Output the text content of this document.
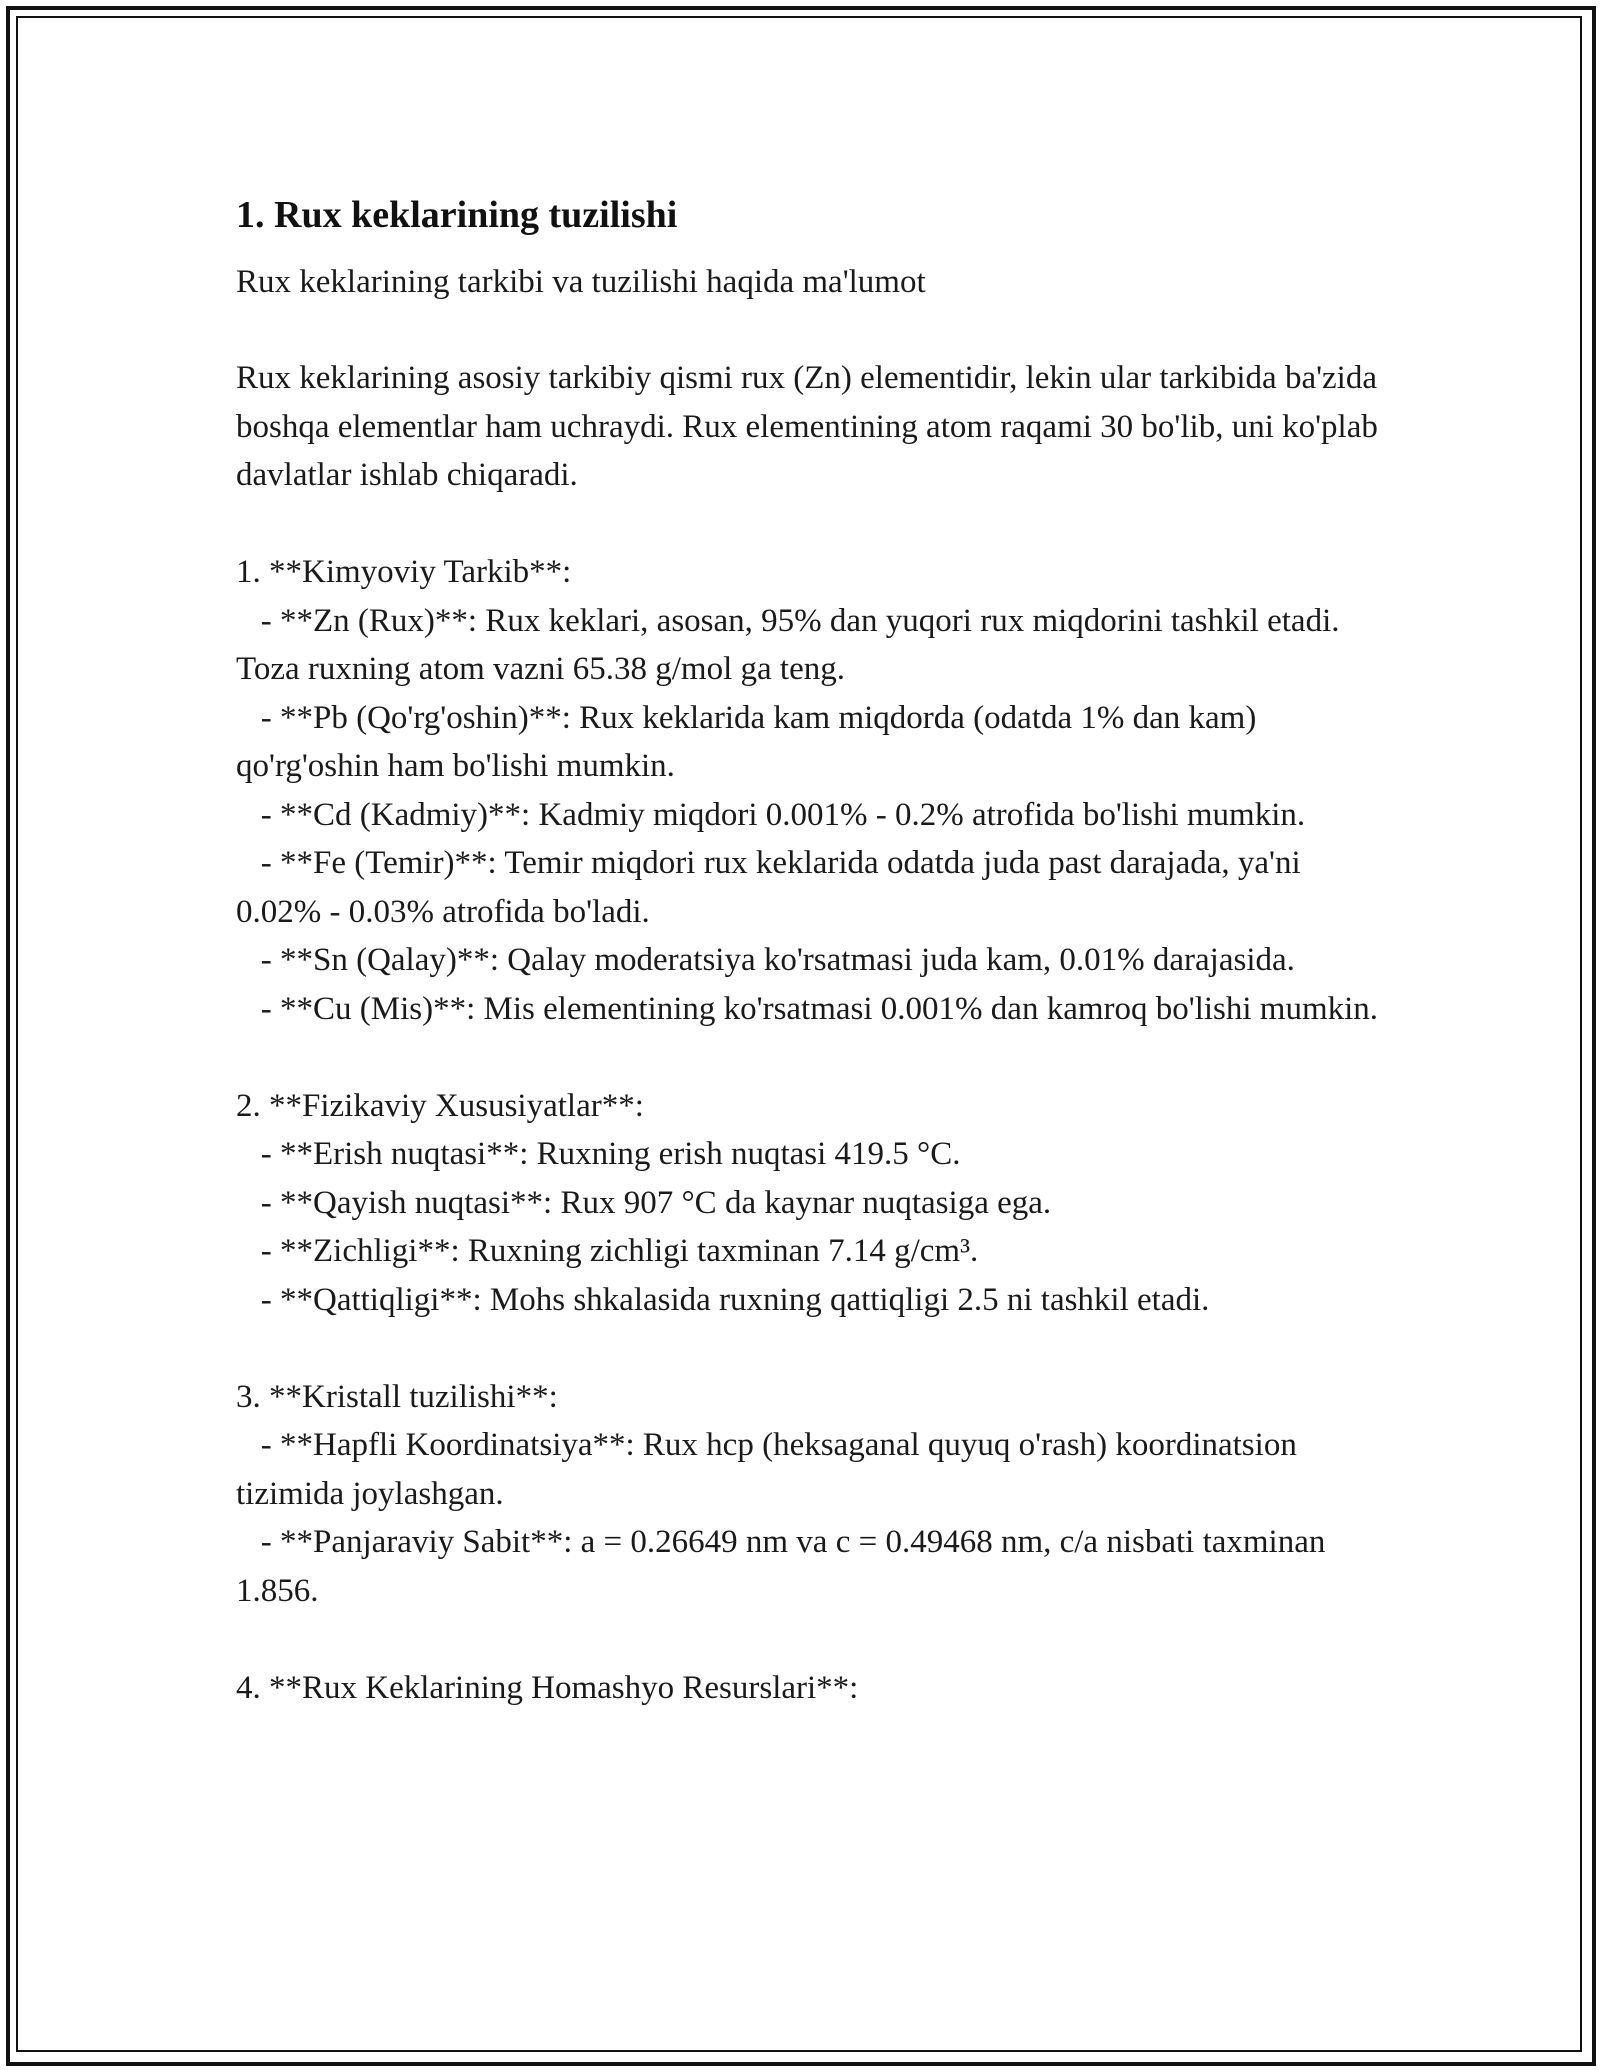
1. Rux keklarining tuzilishi
Rux keklarining tarkibi va tuzilishi haqida ma'lumot
Rux keklarining asosiy tarkibiy qismi rux (Zn) elementidir, lekin ular tarkibida ba'zida boshqa elementlar ham uchraydi. Rux elementining atom raqami 30 bo'lib, uni ko'plab davlatlar ishlab chiqaradi.
1. **Kimyoviy Tarkib**:
- **Zn (Rux)**: Rux keklari, asosan, 95% dan yuqori rux miqdorini tashkil etadi. Toza ruxning atom vazni 65.38 g/mol ga teng.
- **Pb (Qo'rg'oshin)**: Rux keklarida kam miqdorda (odatda 1% dan kam) qo'rg'oshin ham bo'lishi mumkin.
- **Cd (Kadmiy)**: Kadmiy miqdori 0.001% - 0.2% atrofida bo'lishi mumkin.
- **Fe (Temir)**: Temir miqdori rux keklarida odatda juda past darajada, ya'ni 0.02% - 0.03% atrofida bo'ladi.
- **Sn (Qalay)**: Qalay moderatsiya ko'rsatmasi juda kam, 0.01% darajasida.
- **Cu (Mis)**: Mis elementining ko'rsatmasi 0.001% dan kamroq bo'lishi mumkin.
2. **Fizikaviy Xususiyatlar**:
- **Erish nuqtasi**: Ruxning erish nuqtasi 419.5 °C.
- **Qayish nuqtasi**: Rux 907 °C da kaynar nuqtasiga ega.
- **Zichligi**: Ruxning zichligi taxminan 7.14 g/cm³.
- **Qattiqligi**: Mohs shkalasida ruxning qattiqligi 2.5 ni tashkil etadi.
3. **Kristall tuzilishi**:
- **Hapfli Koordinatsiya**: Rux hcp (heksaganal quyuq o'rash) koordinatsion tizimida joylashgan.
- **Panjaraviy Sabit**: a = 0.26649 nm va c = 0.49468 nm, c/a nisbati taxminan 1.856.
4. **Rux Keklarining Homashyo Resurslari**:
